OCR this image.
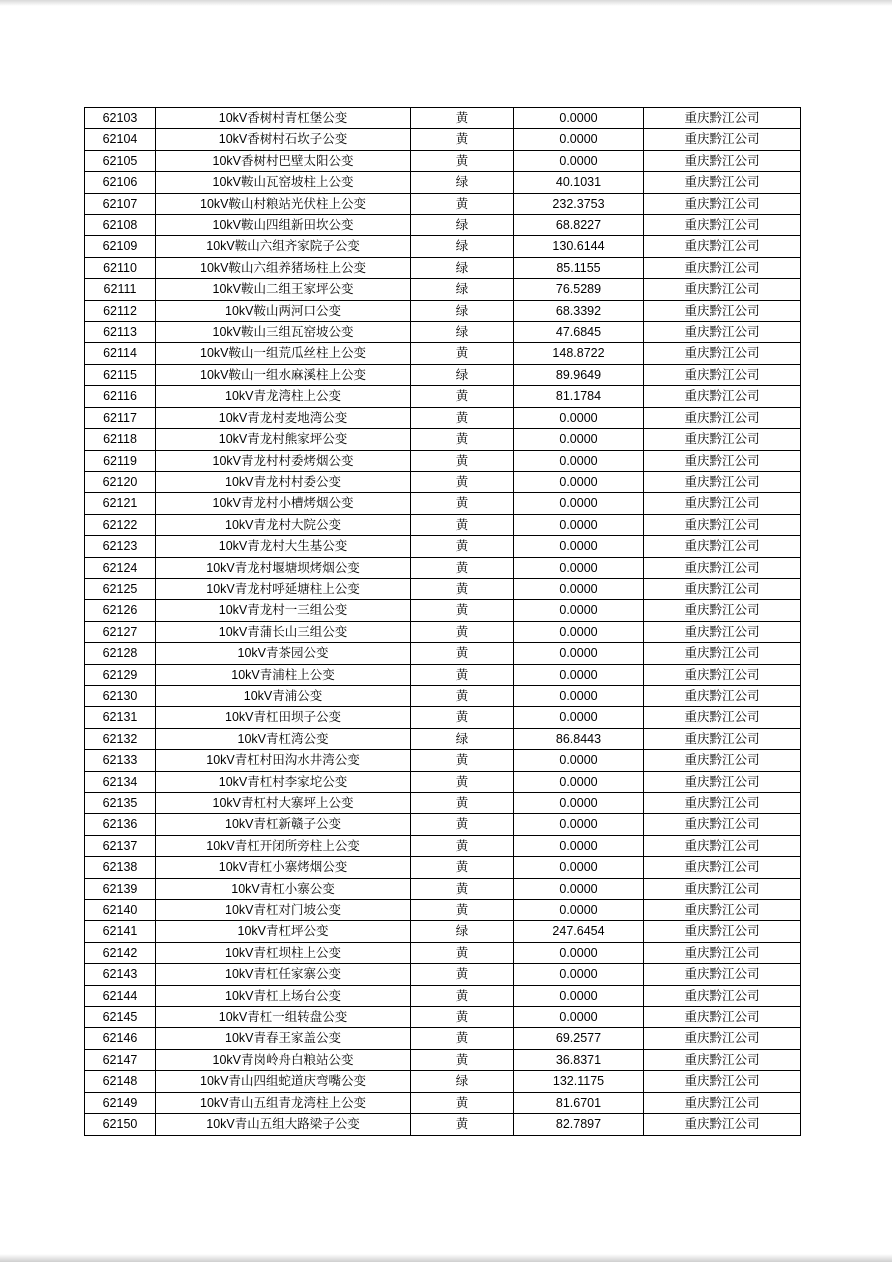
62103	10kV香树村青杠堡公变	黄	0.0000	重庆黔江公司
62104	10kV香树村石坎子公变	黄	0.0000	重庆黔江公司
62105	10kV香树村巴壁太阳公变	黄	0.0000	重庆黔江公司
62106	10kV鞍山瓦窑坡柱上公变	绿	40.1031	重庆黔江公司
62107	10kV鞍山村粮站光伏柱上公变	黄	232.3753	重庆黔江公司
62108	10kV鞍山四组新田坎公变	绿	68.8227	重庆黔江公司
62109	10kV鞍山六组齐家院子公变	绿	130.6144	重庆黔江公司
62110	10kV鞍山六组养猪场柱上公变	绿	85.1155	重庆黔江公司
62111	10kV鞍山二组王家坪公变	绿	76.5289	重庆黔江公司
62112	10kV鞍山两河口公变	绿	68.3392	重庆黔江公司
62113	10kV鞍山三组瓦窑坡公变	绿	47.6845	重庆黔江公司
62114	10kV鞍山一组荒瓜丝柱上公变	黄	148.8722	重庆黔江公司
62115	10kV鞍山一组水麻溪柱上公变	绿	89.9649	重庆黔江公司
62116	10kV青龙湾柱上公变	黄	81.1784	重庆黔江公司
62117	10kV青龙村麦地湾公变	黄	0.0000	重庆黔江公司
62118	10kV青龙村熊家坪公变	黄	0.0000	重庆黔江公司
62119	10kV青龙村村委烤烟公变	黄	0.0000	重庆黔江公司
62120	10kV青龙村村委公变	黄	0.0000	重庆黔江公司
62121	10kV青龙村小槽烤烟公变	黄	0.0000	重庆黔江公司
62122	10kV青龙村大院公变	黄	0.0000	重庆黔江公司
62123	10kV青龙村大生基公变	黄	0.0000	重庆黔江公司
62124	10kV青龙村堰塘坝烤烟公变	黄	0.0000	重庆黔江公司
62125	10kV青龙村呼延塘柱上公变	黄	0.0000	重庆黔江公司
62126	10kV青龙村一三组公变	黄	0.0000	重庆黔江公司
62127	10kV青蒲长山三组公变	黄	0.0000	重庆黔江公司
62128	10kV青茶园公变	黄	0.0000	重庆黔江公司
62129	10kV青浦柱上公变	黄	0.0000	重庆黔江公司
62130	10kV青浦公变	黄	0.0000	重庆黔江公司
62131	10kV青杠田坝子公变	黄	0.0000	重庆黔江公司
62132	10kV青杠湾公变	绿	86.8443	重庆黔江公司
62133	10kV青杠村田沟水井湾公变	黄	0.0000	重庆黔江公司
62134	10kV青杠村李家坨公变	黄	0.0000	重庆黔江公司
62135	10kV青杠村大寨坪上公变	黄	0.0000	重庆黔江公司
62136	10kV青杠新赣子公变	黄	0.0000	重庆黔江公司
62137	10kV青杠开闭所旁柱上公变	黄	0.0000	重庆黔江公司
62138	10kV青杠小寨烤烟公变	黄	0.0000	重庆黔江公司
62139	10kV青杠小寨公变	黄	0.0000	重庆黔江公司
62140	10kV青杠对门坡公变	黄	0.0000	重庆黔江公司
62141	10kV青杠坪公变	绿	247.6454	重庆黔江公司
62142	10kV青杠坝柱上公变	黄	0.0000	重庆黔江公司
62143	10kV青杠任家寨公变	黄	0.0000	重庆黔江公司
62144	10kV青杠上场台公变	黄	0.0000	重庆黔江公司
62145	10kV青杠一组转盘公变	黄	0.0000	重庆黔江公司
62146	10kV青春王家盖公变	黄	69.2577	重庆黔江公司
62147	10kV青岗岭舟白粮站公变	黄	36.8371	重庆黔江公司
62148	10kV青山四组蛇道庆弯嘴公变	绿	132.1175	重庆黔江公司
62149	10kV青山五组青龙湾柱上公变	黄	81.6701	重庆黔江公司
62150	10kV青山五组大路梁子公变	黄	82.7897	重庆黔江公司
